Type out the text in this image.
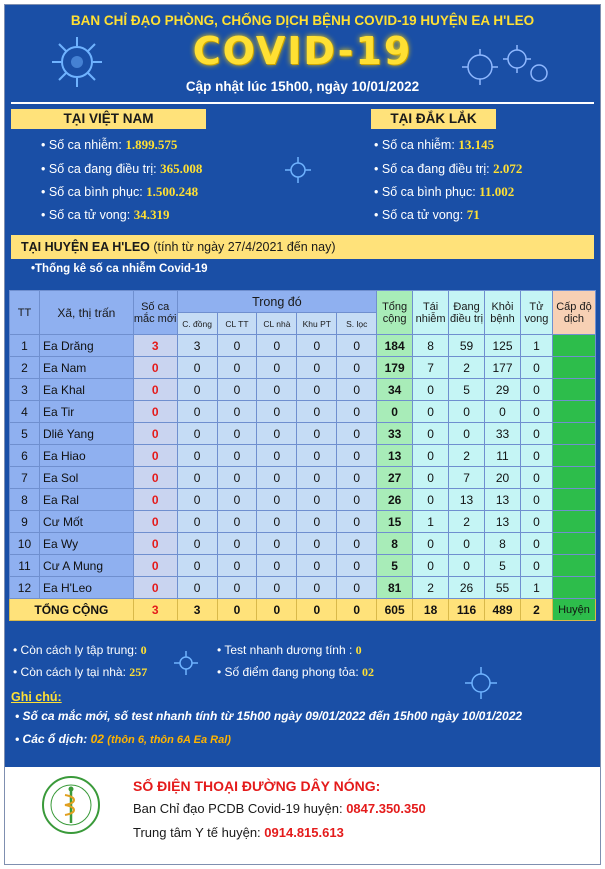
BAN CHỈ ĐẠO PHÒNG, CHỐNG DỊCH BỆNH COVID-19 HUYỆN EA H'LEO
COVID-19
Cập nhật lúc 15h00, ngày 10/01/2022
TẠI VIỆT NAM	TẠI ĐẮK LẮK
• Số ca nhiễm: 1.899.575
• Số ca đang điều trị: 365.008
• Số ca bình phục: 1.500.248
• Số ca tử vong: 34.319
• Số ca nhiễm: 13.145
• Số ca đang điều trị: 2.072
• Số ca bình phục: 11.002
• Số ca tử vong: 71
TẠI HUYỆN EA H'LEO (tính từ ngày 27/4/2021 đến nay)
•Thống kê số ca nhiễm Covid-19
TT	Xã, thị trấn	Số ca mắc mới	Trong đó					Tổng cộng	Tái nhiễm	Đang điều trị	Khỏi bệnh	Tử vong	Cấp độ dịch
			C. đồng	CL TT	CL nhà	Khu PT	S. lọc						
1	Ea Drăng	3	3	0	0	0	0	184	8	59	125	1	
2	Ea Nam	0	0	0	0	0	0	179	7	2	177	0	
3	Ea Khal	0	0	0	0	0	0	34	0	5	29	0	
4	Ea Tir	0	0	0	0	0	0	0	0	0	0	0	
5	Dliê Yang	0	0	0	0	0	0	33	0	0	33	0	
6	Ea Hiao	0	0	0	0	0	0	13	0	2	11	0	
7	Ea Sol	0	0	0	0	0	0	27	0	7	20	0	
8	Ea Ral	0	0	0	0	0	0	26	0	13	13	0	
9	Cư Mốt	0	0	0	0	0	0	15	1	2	13	0	
10	Ea Wy	0	0	0	0	0	0	8	0	0	8	0	
11	Cư A Mung	0	0	0	0	0	0	5	0	0	5	0	
12	Ea H'Leo	0	0	0	0	0	0	81	2	26	55	1	
TỔNG CỘNG		3	3	0	0	0	0	605	18	116	489	2	Huyện
• Còn cách ly tập trung: 0
• Còn cách ly tại nhà: 257
• Test nhanh dương tính : 0
• Số điểm đang phong tỏa: 02
Ghi chú:
• Số ca mắc mới, số test nhanh tính từ 15h00 ngày 09/01/2022 đến 15h00 ngày 10/01/2022
• Các ổ dịch: 02 (thôn 6, thôn 6A Ea Ral)
SỐ ĐIỆN THOẠI ĐƯỜNG DÂY NÓNG:
Ban Chỉ đạo PCDB Covid-19 huyện: 0847.350.350
Trung tâm Y tế huyện: 0914.815.613
